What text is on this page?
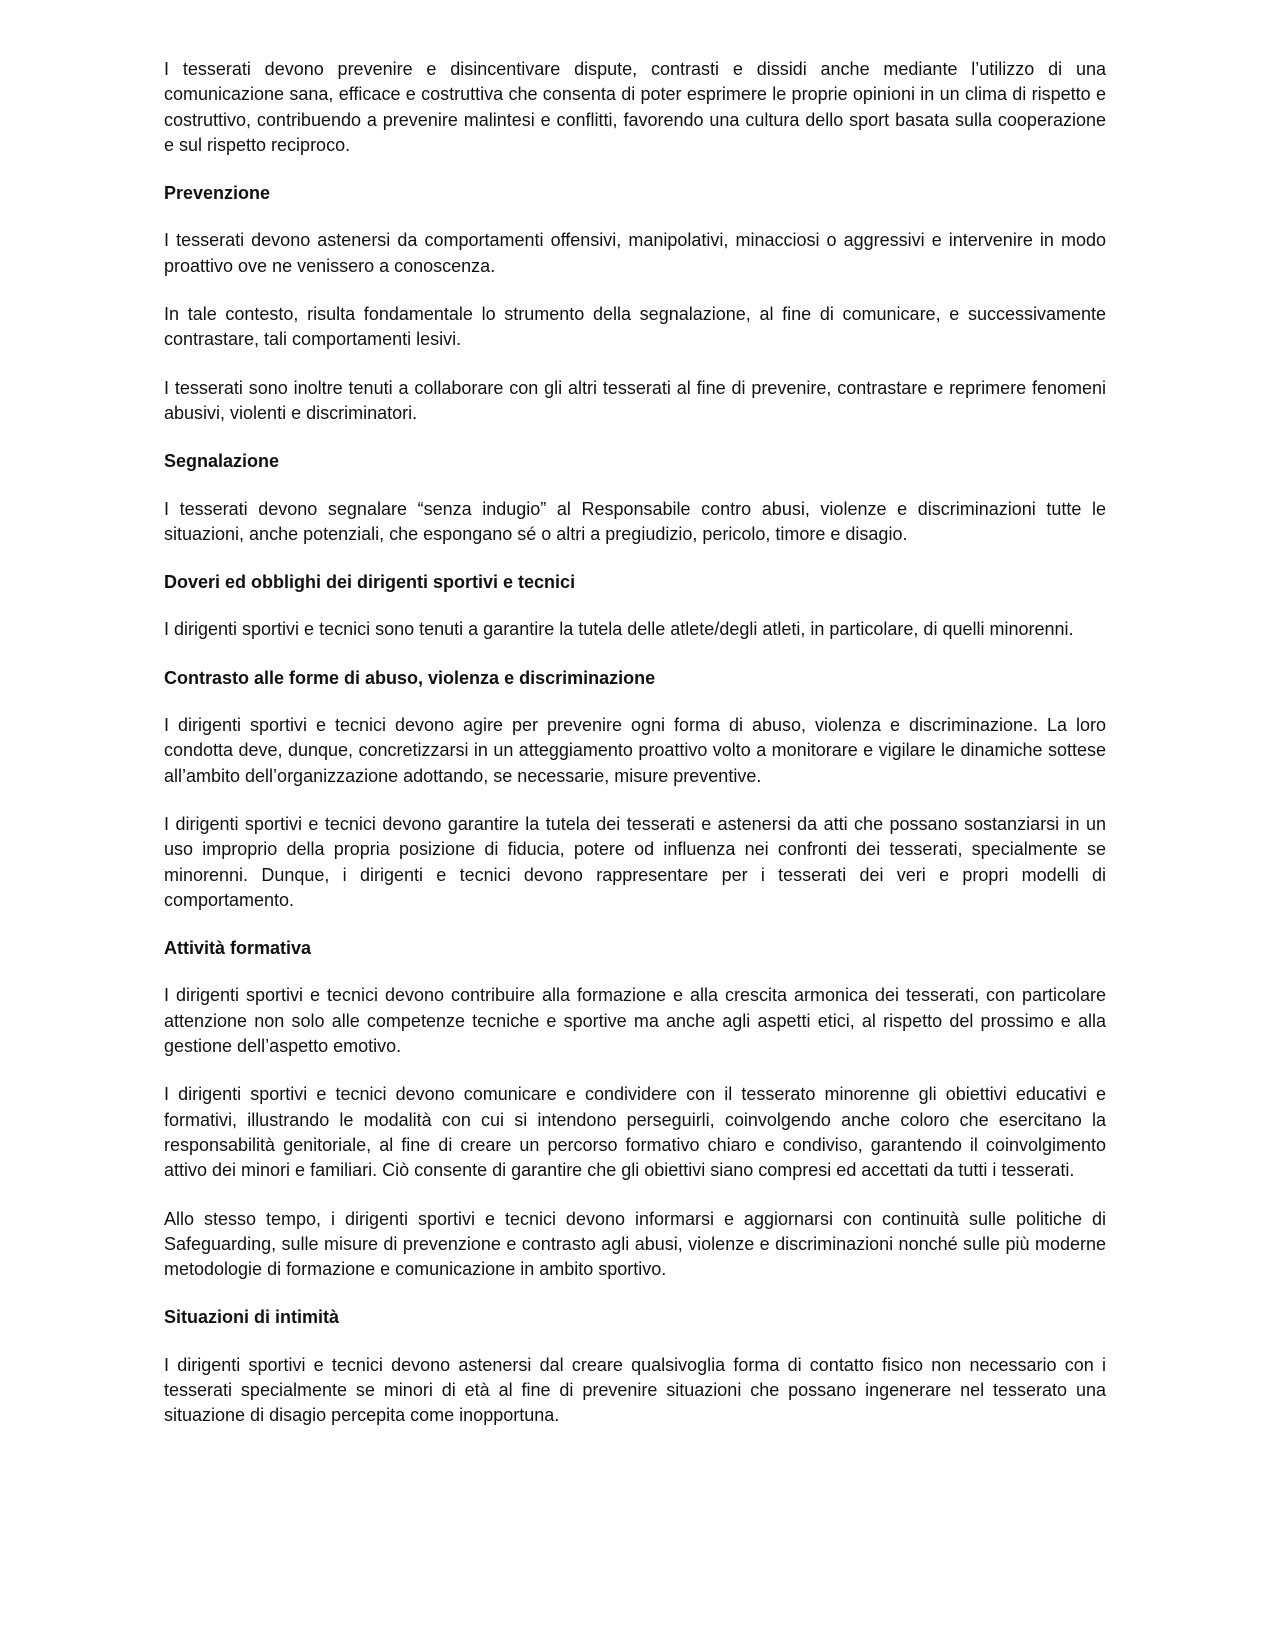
I tesserati devono prevenire e disincentivare dispute, contrasti e dissidi anche mediante l’utilizzo di una comunicazione sana, efficace e costruttiva che consenta di poter esprimere le proprie opinioni in un clima di rispetto e costruttivo, contribuendo a prevenire malintesi e conflitti, favorendo una cultura dello sport basata sulla cooperazione e sul rispetto reciproco.

Prevenzione

I tesserati devono astenersi da comportamenti offensivi, manipolativi, minacciosi o aggressivi e intervenire in modo proattivo ove ne venissero a conoscenza.

In tale contesto, risulta fondamentale lo strumento della segnalazione, al fine di comunicare, e successivamente contrastare, tali comportamenti lesivi.

I tesserati sono inoltre tenuti a collaborare con gli altri tesserati al fine di prevenire, contrastare e reprimere fenomeni abusivi, violenti e discriminatori.

Segnalazione

I tesserati devono segnalare “senza indugio” al Responsabile contro abusi, violenze e discriminazioni tutte le situazioni, anche potenziali, che espongano sé o altri a pregiudizio, pericolo, timore e disagio.

Doveri ed obblighi dei dirigenti sportivi e tecnici

I dirigenti sportivi e tecnici sono tenuti a garantire la tutela delle atlete/degli atleti, in particolare, di quelli minorenni.

Contrasto alle forme di abuso, violenza e discriminazione

I dirigenti sportivi e tecnici devono agire per prevenire ogni forma di abuso, violenza e discriminazione. La loro condotta deve, dunque, concretizzarsi in un atteggiamento proattivo volto a monitorare e vigilare le dinamiche sottese all’ambito dell’organizzazione adottando, se necessarie, misure preventive.

I dirigenti sportivi e tecnici devono garantire la tutela dei tesserati e astenersi da atti che possano sostanziarsi in un uso improprio della propria posizione di fiducia, potere od influenza nei confronti dei tesserati, specialmente se minorenni. Dunque, i dirigenti e tecnici devono rappresentare per i tesserati dei veri e propri modelli di comportamento.

Attività formativa

I dirigenti sportivi e tecnici devono contribuire alla formazione e alla crescita armonica dei tesserati, con particolare attenzione non solo alle competenze tecniche e sportive ma anche agli aspetti etici, al rispetto del prossimo e alla gestione dell’aspetto emotivo.

I dirigenti sportivi e tecnici devono comunicare e condividere con il tesserato minorenne gli obiettivi educativi e formativi, illustrando le modalità con cui si intendono perseguirli, coinvolgendo anche coloro che esercitano la responsabilità genitoriale, al fine di creare un percorso formativo chiaro e condiviso, garantendo il coinvolgimento attivo dei minori e familiari. Ciò consente di garantire che gli obiettivi siano compresi ed accettati da tutti i tesserati.

Allo stesso tempo, i dirigenti sportivi e tecnici devono informarsi e aggiornarsi con continuità sulle politiche di Safeguarding, sulle misure di prevenzione e contrasto agli abusi, violenze e discriminazioni nonché sulle più moderne metodologie di formazione e comunicazione in ambito sportivo.

Situazioni di intimità

I dirigenti sportivi e tecnici devono astenersi dal creare qualsivoglia forma di contatto fisico non necessario con i tesserati specialmente se minori di età al fine di prevenire situazioni che possano ingenerare nel tesserato una situazione di disagio percepita come inopportuna.
